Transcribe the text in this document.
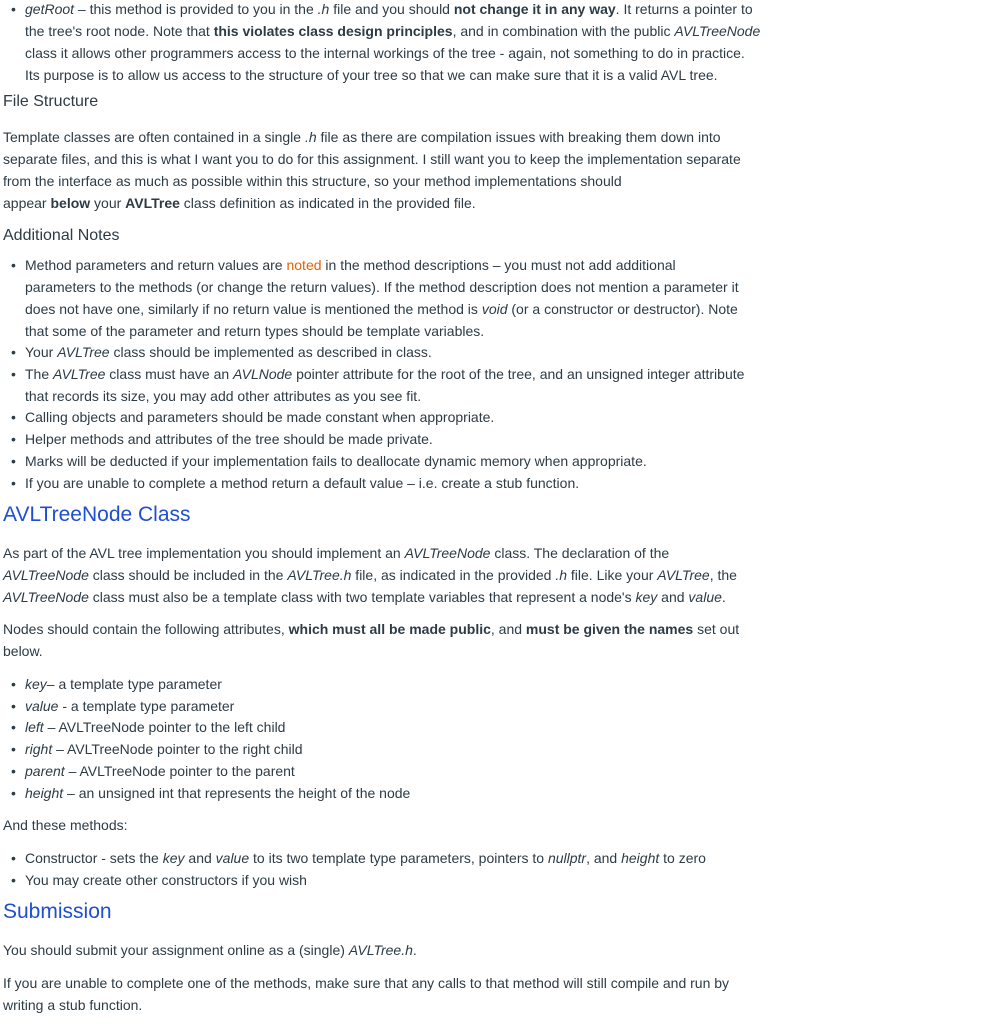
• getRoot – this method is provided to you in the .h file and you should not change it in any way. It returns a pointer to
the tree's root node. Note that this violates class design principles, and in combination with the public AVLTreeNode
class it allows other programmers access to the internal workings of the tree - again, not something to do in practice.
Its purpose is to allow us access to the structure of your tree so that we can make sure that it is a valid AVL tree.
File Structure
Template classes are often contained in a single .h file as there are compilation issues with breaking them down into
separate files, and this is what I want you to do for this assignment. I still want you to keep the implementation separate
from the interface as much as possible within this structure, so your method implementations should
appear below your AVLTree class definition as indicated in the provided file.
Additional Notes
• Method parameters and return values are noted in the method descriptions – you must not add additional
parameters to the methods (or change the return values). If the method description does not mention a parameter it
does not have one, similarly if no return value is mentioned the method is void (or a constructor or destructor). Note
that some of the parameter and return types should be template variables.
• Your AVLTree class should be implemented as described in class.
• The AVLTree class must have an AVLNode pointer attribute for the root of the tree, and an unsigned integer attribute
that records its size, you may add other attributes as you see fit.
• Calling objects and parameters should be made constant when appropriate.
• Helper methods and attributes of the tree should be made private.
• Marks will be deducted if your implementation fails to deallocate dynamic memory when appropriate.
• If you are unable to complete a method return a default value – i.e. create a stub function.
AVLTreeNode Class
As part of the AVL tree implementation you should implement an AVLTreeNode class. The declaration of the
AVLTreeNode class should be included in the AVLTree.h file, as indicated in the provided .h file. Like your AVLTree, the
AVLTreeNode class must also be a template class with two template variables that represent a node's key and value.
Nodes should contain the following attributes, which must all be made public, and must be given the names set out
below.
• key– a template type parameter
• value - a template type parameter
• left – AVLTreeNode pointer to the left child
• right – AVLTreeNode pointer to the right child
• parent – AVLTreeNode pointer to the parent
• height – an unsigned int that represents the height of the node
And these methods:
• Constructor - sets the key and value to its two template type parameters, pointers to nullptr, and height to zero
• You may create other constructors if you wish
Submission
You should submit your assignment online as a (single) AVLTree.h.
If you are unable to complete one of the methods, make sure that any calls to that method will still compile and run by
writing a stub function.
